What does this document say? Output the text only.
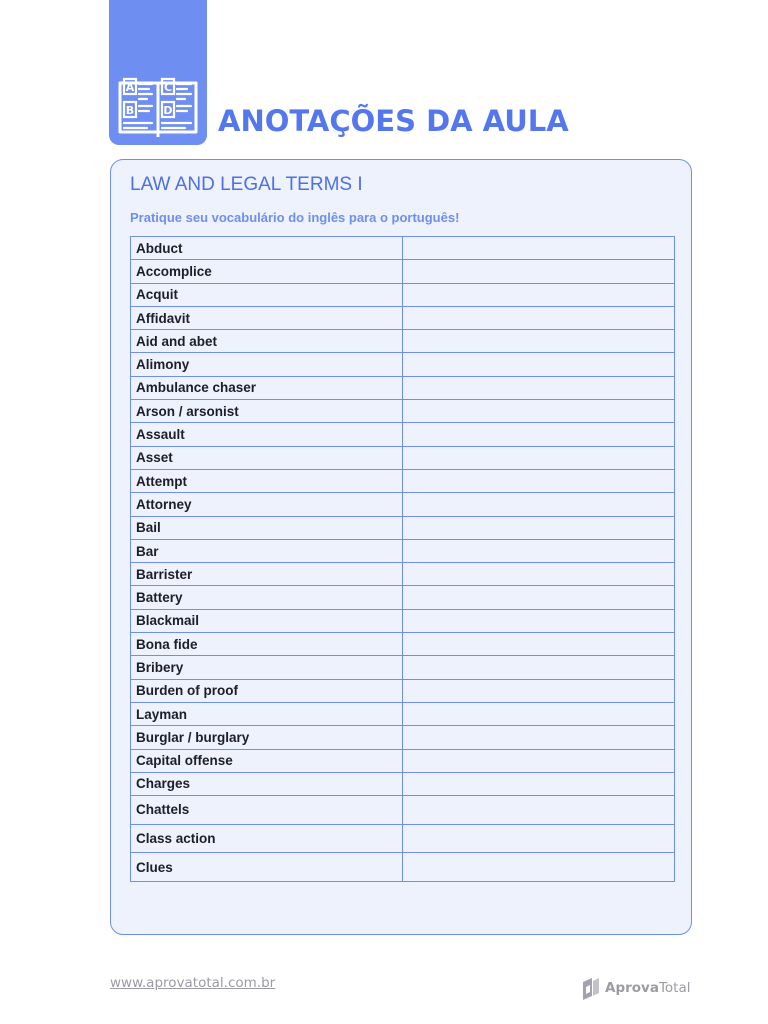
A
B
C
D ANOTAÇÕES DA AULA
LAW AND LEGAL TERMS I

Pratique seu vocabulário do inglês para o português!

Abduct	
Accomplice	
Acquit	
Affidavit	
Aid and abet	
Alimony	
Ambulance chaser	
Arson / arsonist	
Assault	
Asset	
Attempt	
Attorney	
Bail	
Bar	
Barrister	
Battery	
Blackmail	
Bona fide	
Bribery	
Burden of proof	
Layman	
Burglar / burglary	
Capital offense	
Charges	
Chattels	
Class action	
Clues	
www.aprovatotal.com.br	AprovaTotal
